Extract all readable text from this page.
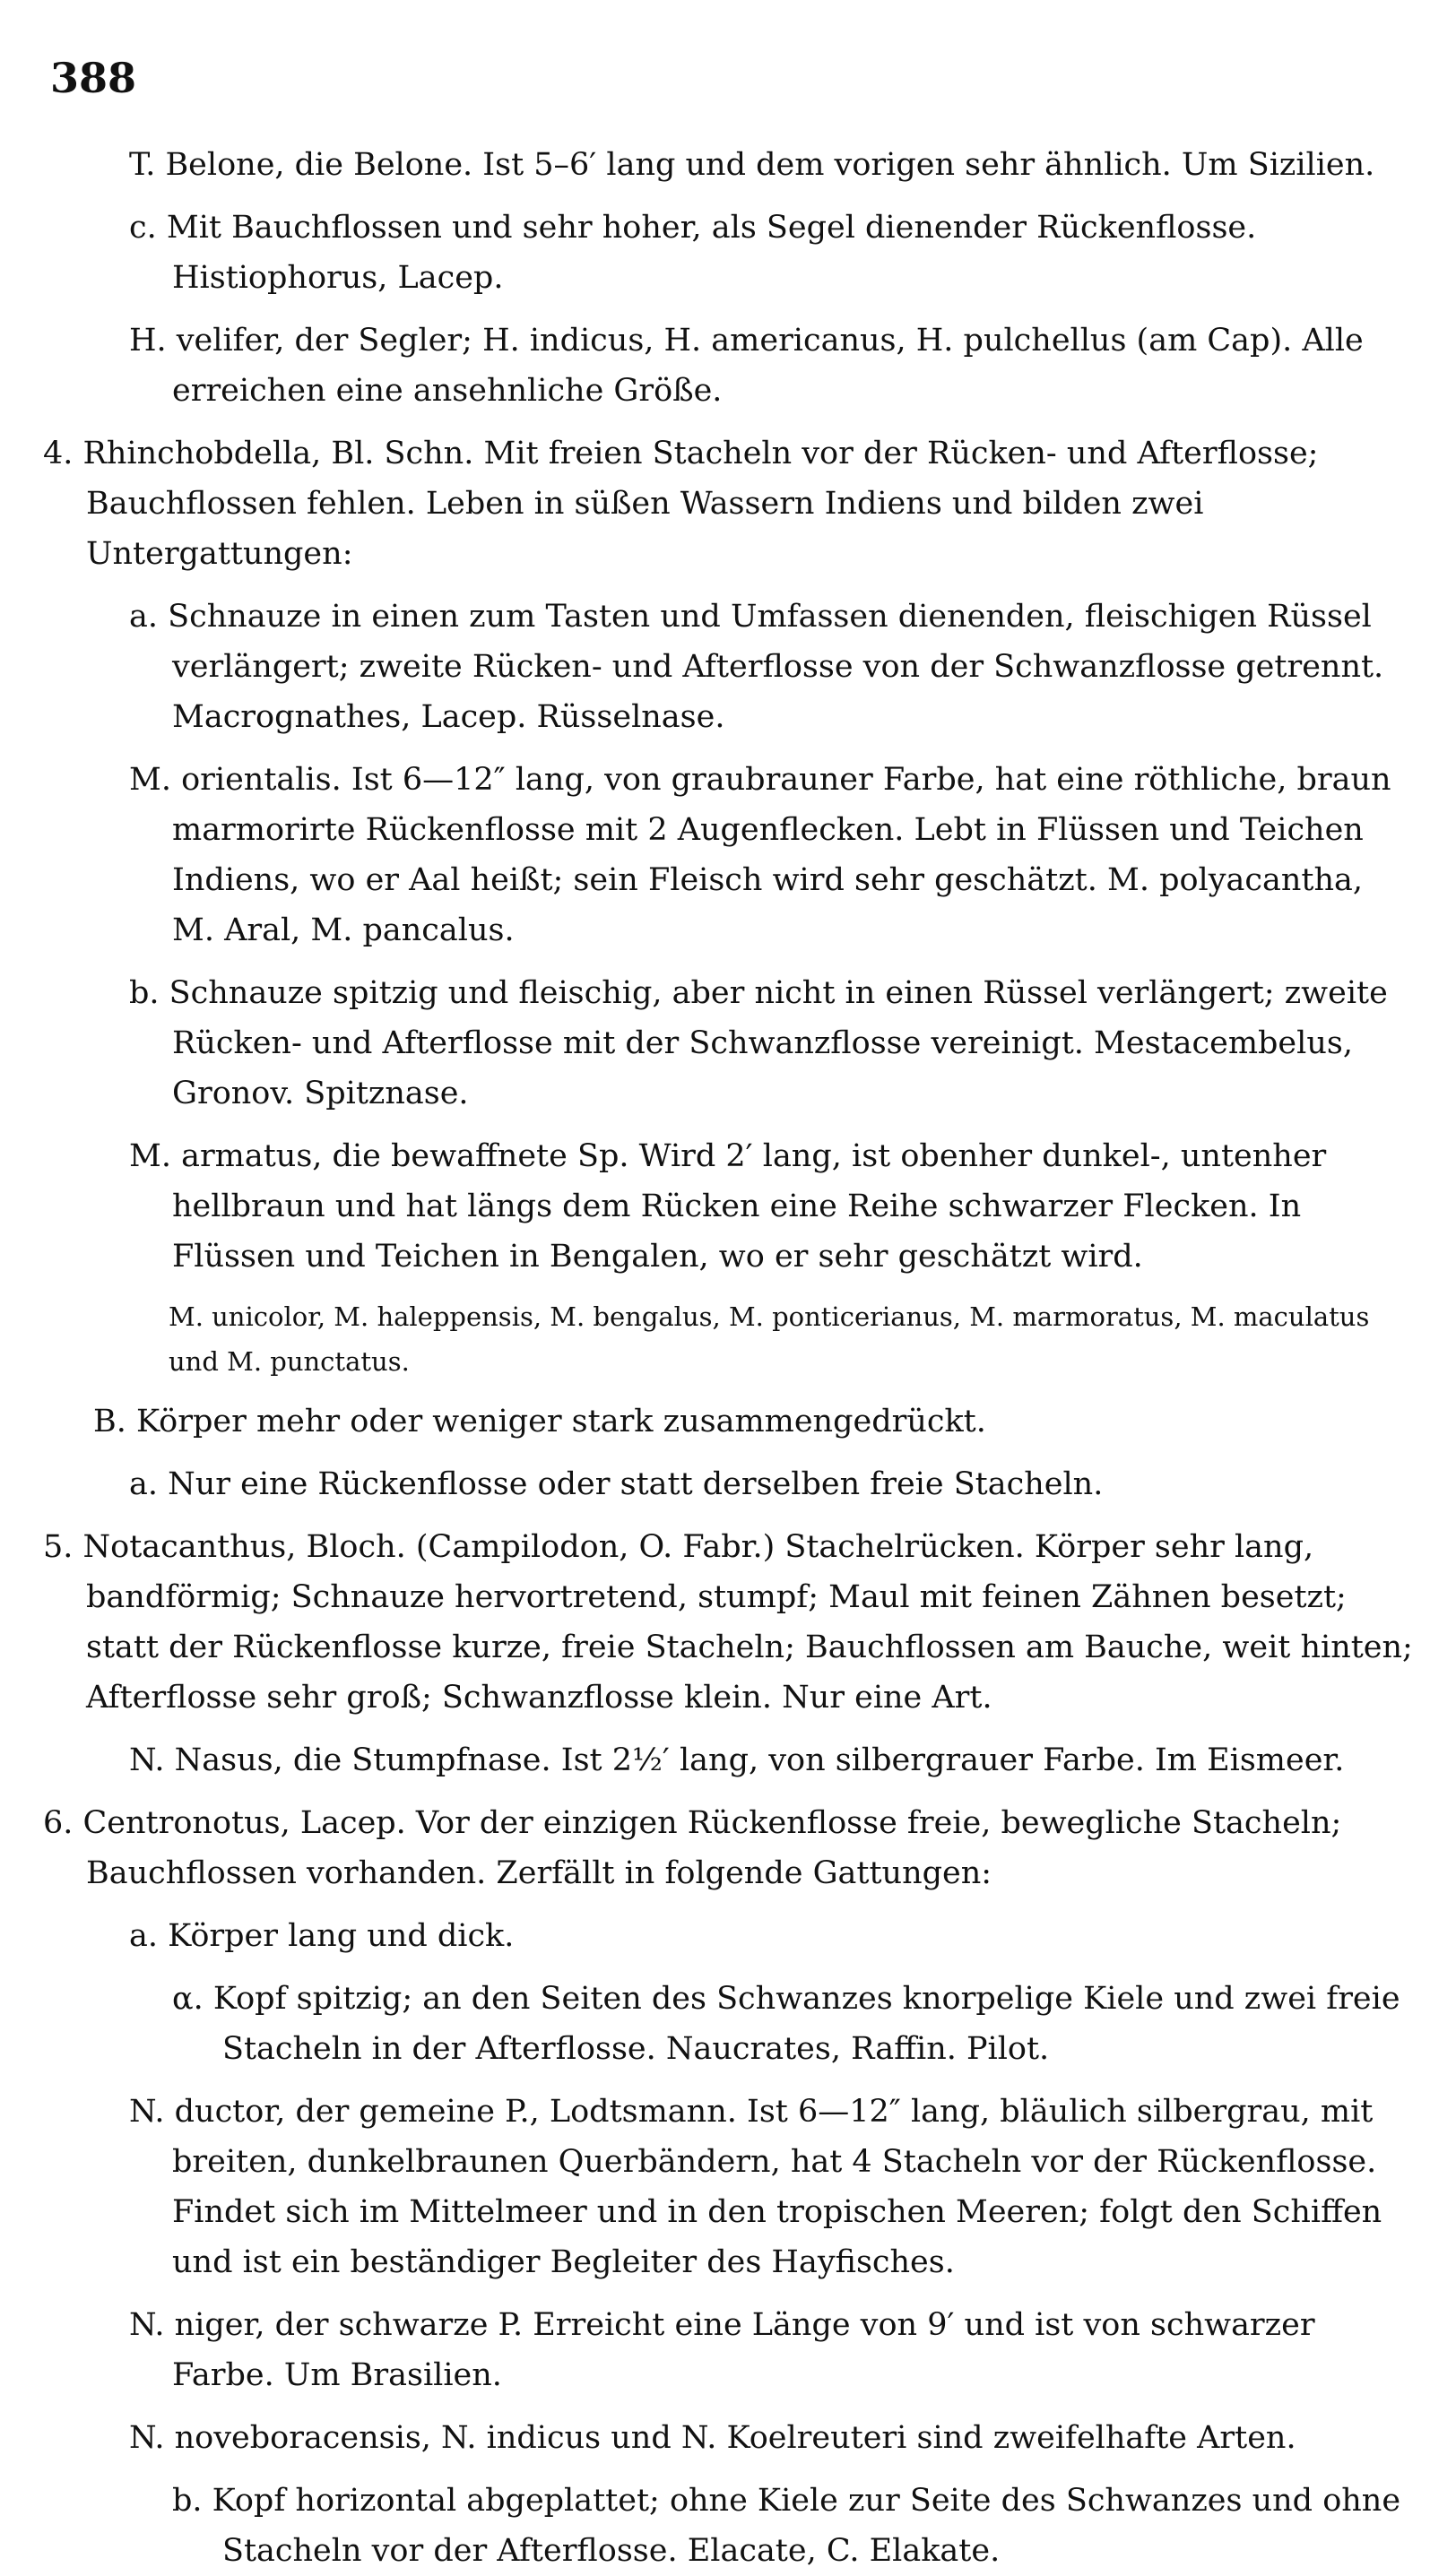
388
T. Belone, die Belone. Ist 5–6′ lang und dem vorigen sehr ähnlich. Um Sizilien.
c. Mit Bauchflossen und sehr hoher, als Segel dienender Rückenflosse. Histiophorus, Lacep.
H. velifer, der Segler; H. indicus, H. americanus, H. pulchellus (am Cap). Alle erreichen eine ansehnliche Größe.
4. Rhinchobdella, Bl. Schn. Mit freien Stacheln vor der Rücken- und Afterflosse; Bauchflossen fehlen. Leben in süßen Wassern Indiens und bilden zwei Untergattungen:
a. Schnauze in einen zum Tasten und Umfassen dienenden, fleischigen Rüssel verlängert; zweite Rücken- und Afterflosse von der Schwanzflosse getrennt. Macrognathes, Lacep. Rüsselnase.
M. orientalis. Ist 6—12″ lang, von graubrauner Farbe, hat eine röthliche, braun marmorirte Rückenflosse mit 2 Augenflecken. Lebt in Flüssen und Teichen Indiens, wo er Aal heißt; sein Fleisch wird sehr geschätzt. M. polyacantha, M. Aral, M. pancalus.
b. Schnauze spitzig und fleischig, aber nicht in einen Rüssel verlängert; zweite Rücken- und Afterflosse mit der Schwanzflosse vereinigt. Mestacembelus, Gronov. Spitznase.
M. armatus, die bewaffnete Sp. Wird 2′ lang, ist obenher dunkel-, untenher hellbraun und hat längs dem Rücken eine Reihe schwarzer Flecken. In Flüssen und Teichen in Bengalen, wo er sehr geschätzt wird.
M. unicolor, M. haleppensis, M. bengalus, M. ponticerianus, M. marmoratus, M. maculatus und M. punctatus.
B. Körper mehr oder weniger stark zusammengedrückt.
a. Nur eine Rückenflosse oder statt derselben freie Stacheln.
5. Notacanthus, Bloch. (Campilodon, O. Fabr.) Stachelrücken. Körper sehr lang, bandförmig; Schnauze hervortretend, stumpf; Maul mit feinen Zähnen besetzt; statt der Rückenflosse kurze, freie Stacheln; Bauchflossen am Bauche, weit hinten; Afterflosse sehr groß; Schwanzflosse klein. Nur eine Art.
N. Nasus, die Stumpfnase. Ist 2½′ lang, von silbergrauer Farbe. Im Eismeer.
6. Centronotus, Lacep. Vor der einzigen Rückenflosse freie, bewegliche Stacheln; Bauchflossen vorhanden. Zerfällt in folgende Gattungen:
a. Körper lang und dick.
α. Kopf spitzig; an den Seiten des Schwanzes knorpelige Kiele und zwei freie Stacheln in der Afterflosse. Naucrates, Raffin. Pilot.
N. ductor, der gemeine P., Lodtsmann. Ist 6—12″ lang, bläulich silbergrau, mit breiten, dunkelbraunen Querbändern, hat 4 Stacheln vor der Rückenflosse. Findet sich im Mittelmeer und in den tropischen Meeren; folgt den Schiffen und ist ein beständiger Begleiter des Hayfisches.
N. niger, der schwarze P. Erreicht eine Länge von 9′ und ist von schwarzer Farbe. Um Brasilien.
N. noveboracensis, N. indicus und N. Koelreuteri sind zweifelhafte Arten.
b. Kopf horizontal abgeplattet; ohne Kiele zur Seite des Schwanzes und ohne Stacheln vor der Afterflosse. Elacate, C. Elakate.
